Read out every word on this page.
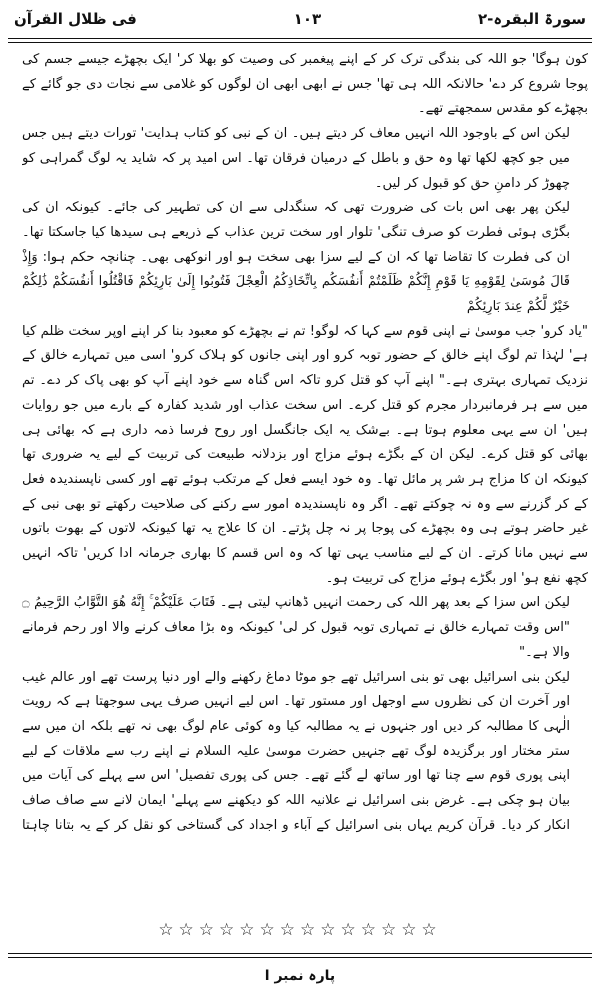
فی ظلال القرآن	۱۰۳	سورۃ البقرہ-۲

کون ہوگا' جو اللہ کی بندگی ترک کر کے اپنے پیغمبر کی وصیت کو بھلا کر' ایک بچھڑے جیسے جسم کی پوجا شروع کر دے' حالانکہ اللہ ہی تھا' جس نے ابھی ابھی ان لوگوں کو غلامی سے نجات دی جو گائے کے بچھڑے کو مقدس سمجھتے تھے۔

لیکن اس کے باوجود اللہ انہیں معاف کر دیتے ہیں۔ ان کے نبی کو کتاب ہدایت' تورات دیتے ہیں جس میں جو کچھ لکھا تھا وہ حق و باطل کے درمیان فرقان تھا۔ اس امید پر کہ شاید یہ لوگ گمراہی کو چھوڑ کر دامنِ حق کو قبول کر لیں۔

لیکن پھر بھی اس بات کی ضرورت تھی کہ سنگدلی سے ان کی تطہیر کی جائے۔ کیونکہ ان کی بگڑی ہوئی فطرت کو صرف تنگی' تلوار اور سخت ترین عذاب کے ذریعے ہی سیدھا کیا جاسکتا تھا۔ ان کی فطرت کا تقاضا تھا کہ ان کے لیے سزا بھی سخت ہو اور انوکھی بھی۔ چنانچہ حکم ہوا: وَإِذْ قَالَ مُوسَىٰ لِقَوْمِهِ يَا قَوْمِ إِنَّكُمْ ظَلَمْتُمْ أَنفُسَكُم بِاتِّخَاذِكُمُ الْعِجْلَ فَتُوبُوا إِلَىٰ بَارِئِكُمْ فَاقْتُلُوا أَنفُسَكُمْ ذَٰلِكُمْ خَيْرٌ لَّكُمْ عِندَ بَارِئِكُمْ

"یاد کرو' جب موسیٰ نے اپنی قوم سے کہا کہ لوگو! تم نے بچھڑے کو معبود بنا کر اپنے اوپر سخت ظلم کیا ہے' لہٰذا تم لوگ اپنے خالق کے حضور توبہ کرو اور اپنی جانوں کو ہلاک کرو' اسی میں تمہارے خالق کے نزدیک تمہاری بہتری ہے۔" اپنے آپ کو قتل کرو تاکہ اس گناہ سے خود اپنے آپ کو بھی پاک کر دے۔ تم میں سے ہر فرمانبردار مجرم کو قتل کرے۔ اس سخت عذاب اور شدید کفارہ کے بارے میں جو روایات ہیں' ان سے یہی معلوم ہوتا ہے۔ بےشک یہ ایک جانگسل اور روح فرسا ذمہ داری ہے کہ بھائی ہی بھائی کو قتل کرے۔ لیکن ان کے بگڑے ہوئے مزاج اور بزدلانہ طبیعت کی تربیت کے لیے یہ ضروری تھا کیونکہ ان کا مزاج ہر شر پر مائل تھا۔ وہ خود ایسے فعل کے مرتکب ہوئے تھے اور کسی ناپسندیدہ فعل کے کر گزرنے سے وہ نہ چوکتے تھے۔ اگر وہ ناپسندیدہ امور سے رکنے کی صلاحیت رکھتے تو بھی نبی کے غیر حاضر ہوتے ہی وہ بچھڑے کی پوجا پر نہ چل پڑتے۔ ان کا علاج یہ تھا کیونکہ لاتوں کے بھوت باتوں سے نہیں مانا کرتے۔ ان کے لیے مناسب یہی تھا کہ وہ اس قسم کا بھاری جرمانہ ادا کریں' تاکہ انہیں کچھ نفع ہو' اور بگڑے ہوئے مزاج کی تربیت ہو۔

لیکن اس سزا کے بعد پھر اللہ کی رحمت انہیں ڈھانپ لیتی ہے۔ فَتَابَ عَلَيْكُمْ ۚ إِنَّهُ هُوَ التَّوَّابُ الرَّحِيمُ ۝ "اس وقت تمہارے خالق نے تمہاری توبہ قبول کر لی' کیونکہ وہ بڑا معاف کرنے والا اور رحم فرمانے والا ہے۔"

لیکن بنی اسرائیل بھی تو بنی اسرائیل تھے جو موٹا دماغ رکھنے والے اور دنیا پرست تھے اور عالم غیب اور آخرت ان کی نظروں سے اوجھل اور مستور تھا۔ اس لیے انہیں صرف یہی سوجھتا ہے کہ رویت الٰہی کا مطالبہ کر دیں اور جنہوں نے یہ مطالبہ کیا وہ کوئی عام لوگ بھی نہ تھے بلکہ ان میں سے ستر مختار اور برگزیدہ لوگ تھے جنہیں حضرت موسیٰ علیہ السلام نے اپنے رب سے ملاقات کے لیے اپنی پوری قوم سے چنا تھا اور ساتھ لے گئے تھے۔ جس کی پوری تفصیل' اس سے پہلے کی آیات میں بیان ہو چکی ہے۔ غرض بنی اسرائیل نے علانیہ اللہ کو دیکھنے سے پہلے' ایمان لانے سے صاف صاف انکار کر دیا۔ قرآن کریم یہاں بنی اسرائیل کے آباء و اجداد کی گستاخی کو نقل کر کے یہ بتانا چاہتا

☆☆☆☆☆☆☆☆☆☆☆☆☆☆
پارہ نمبر ا
